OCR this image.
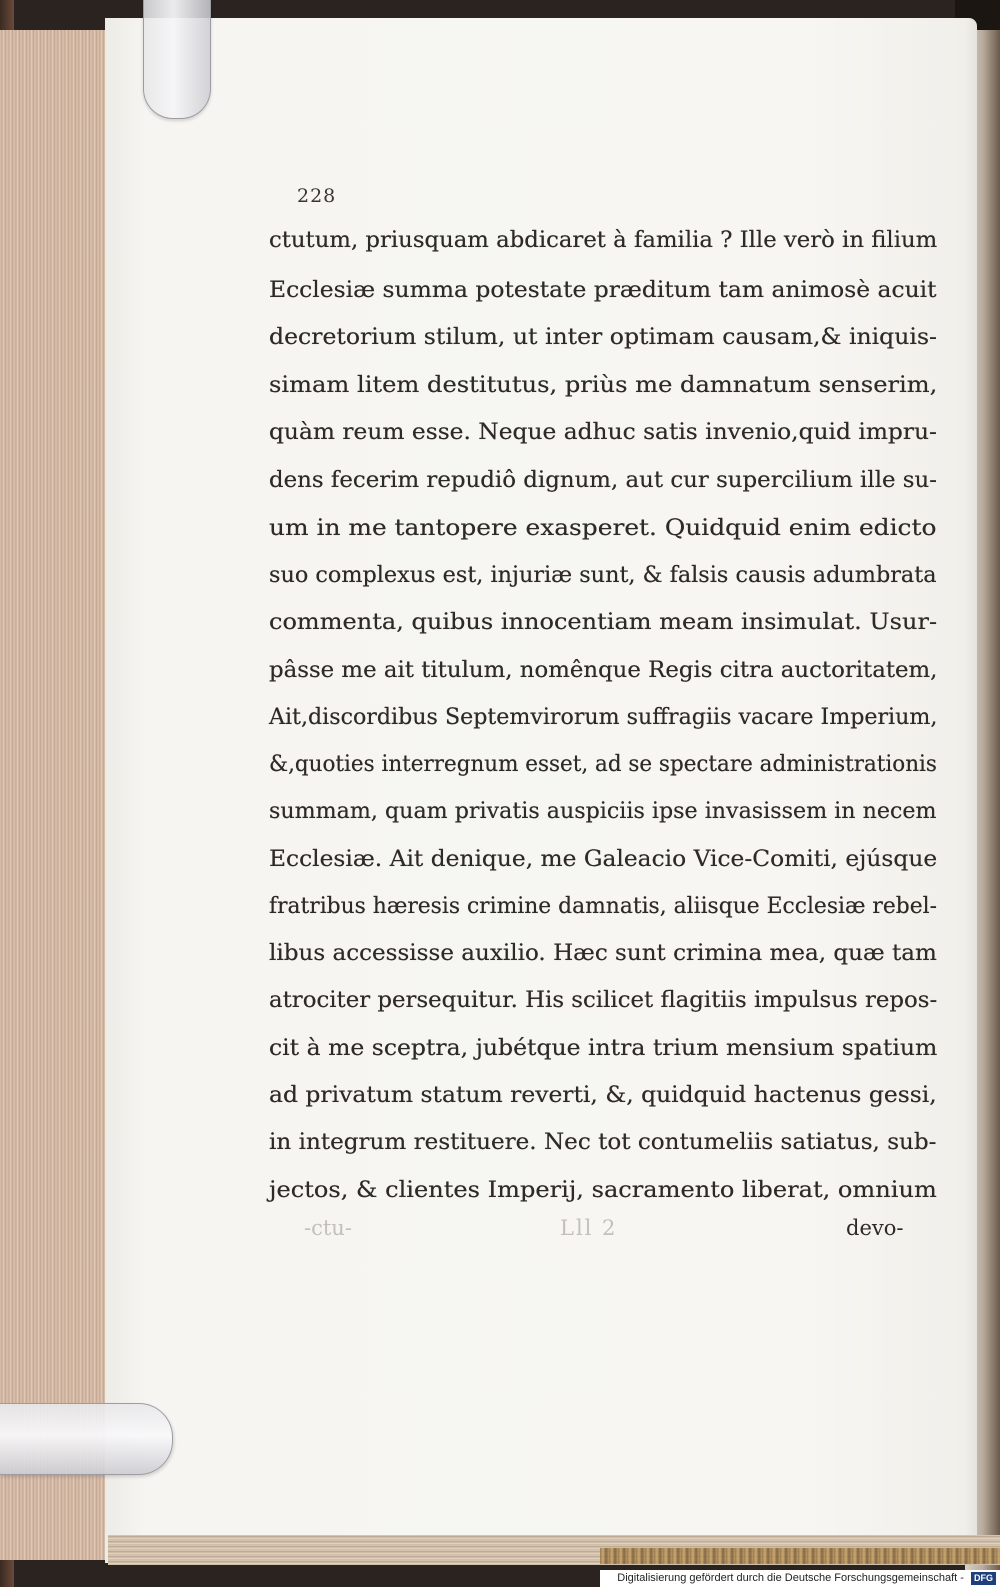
228
ctutum, priusquam abdicaret à familia ? Ille verò in filium
Ecclesiæ summa potestate præditum tam animosè acuit
decretorium stilum, ut inter optimam causam,& iniquis-
simam litem destitutus, priùs me damnatum senserim,
quàm reum esse. Neque adhuc satis invenio,quid impru-
dens fecerim repudiô dignum, aut cur supercilium ille su-
um in me tantopere exasperet. Quidquid enim edicto
suo complexus est, injuriæ sunt, & falsis causis adumbrata
commenta, quibus innocentiam meam insimulat. Usur-
pâsse me ait titulum, nomênque Regis citra auctoritatem,
Ait,discordibus Septemvirorum suffragiis vacare Imperium,
&,quoties interregnum esset, ad se spectare administrationis
summam, quam privatis auspiciis ipse invasissem in necem
Ecclesiæ. Ait denique, me Galeacio Vice-Comiti, ejúsque
fratribus hæresis crimine damnatis, aliisque Ecclesiæ rebel-
libus accessisse auxilio. Hæc sunt crimina mea, quæ tam
atrociter persequitur. His scilicet flagitiis impulsus repos-
cit à me sceptra, jubétque intra trium mensium spatium
ad privatum statum reverti, &, quidquid hactenus gessi,
in integrum restituere. Nec tot contumeliis satiatus, sub-
jectos, & clientes Imperij, sacramento liberat, omnium
-ctu-	Lll 2	devo-
Digitalisierung gefördert durch die Deutsche Forschungsgemeinschaft - DFG
